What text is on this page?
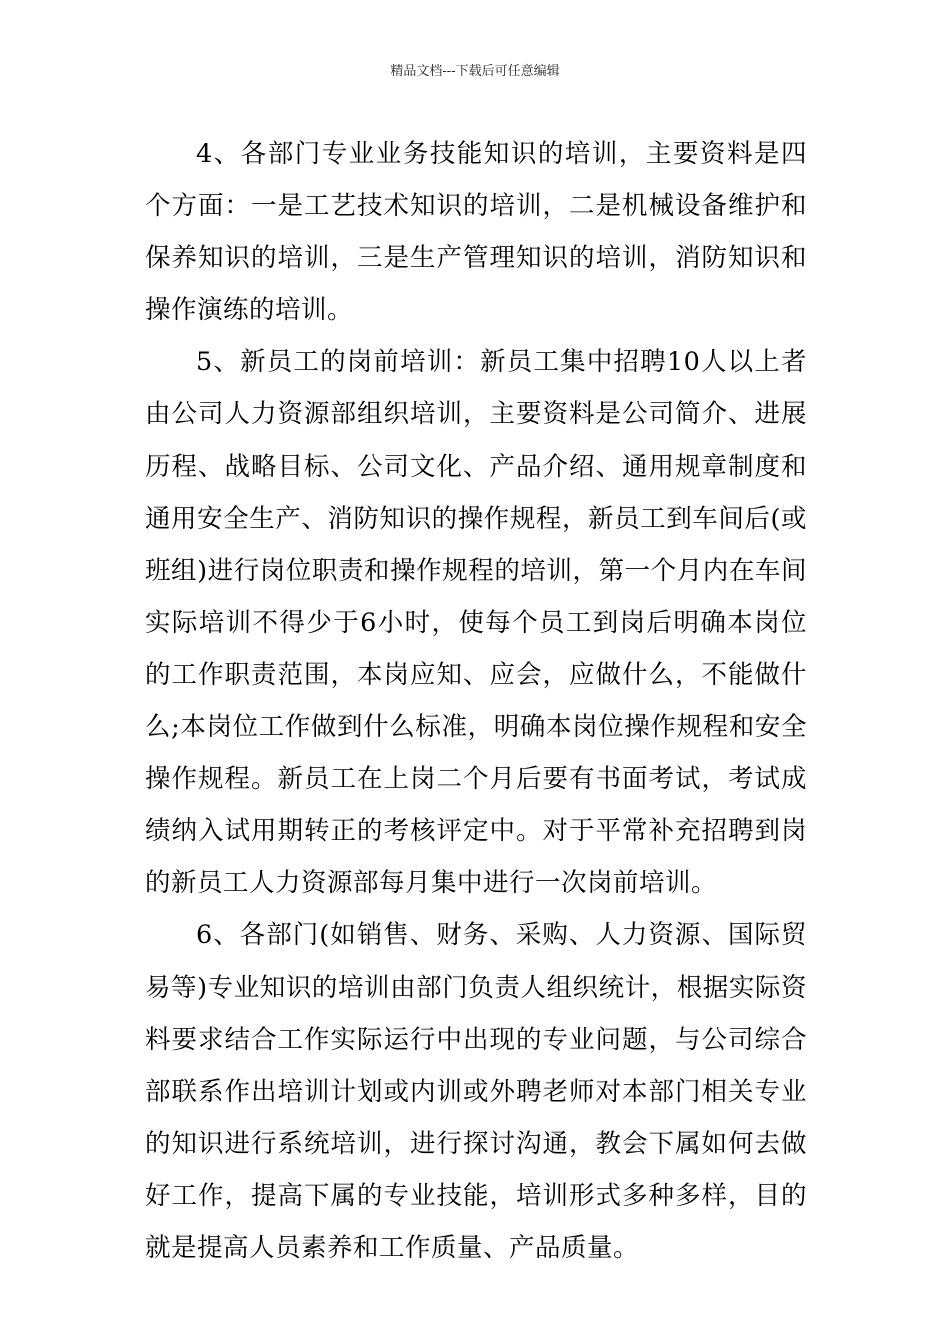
精品文档---下载后可任意编辑

4、各部门专业业务技能知识的培训，主要资料是四个方面：一是工艺技术知识的培训，二是机械设备维护和保养知识的培训，三是生产管理知识的培训，消防知识和操作演练的培训。

5、新员工的岗前培训：新员工集中招聘10人以上者由公司人力资源部组织培训，主要资料是公司简介、进展历程、战略目标、公司文化、产品介绍、通用规章制度和通用安全生产、消防知识的操作规程，新员工到车间后(或班组)进行岗位职责和操作规程的培训，第一个月内在车间实际培训不得少于6小时，使每个员工到岗后明确本岗位的工作职责范围，本岗应知、应会，应做什么，不能做什么;本岗位工作做到什么标准，明确本岗位操作规程和安全操作规程。新员工在上岗二个月后要有书面考试，考试成绩纳入试用期转正的考核评定中。对于平常补充招聘到岗的新员工人力资源部每月集中进行一次岗前培训。

6、各部门(如销售、财务、采购、人力资源、国际贸易等)专业知识的培训由部门负责人组织统计，根据实际资料要求结合工作实际运行中出现的专业问题，与公司综合部联系作出培训计划或内训或外聘老师对本部门相关专业的知识进行系统培训，进行探讨沟通，教会下属如何去做好工作，提高下属的专业技能，培训形式多种多样，目的就是提高人员素养和工作质量、产品质量。
